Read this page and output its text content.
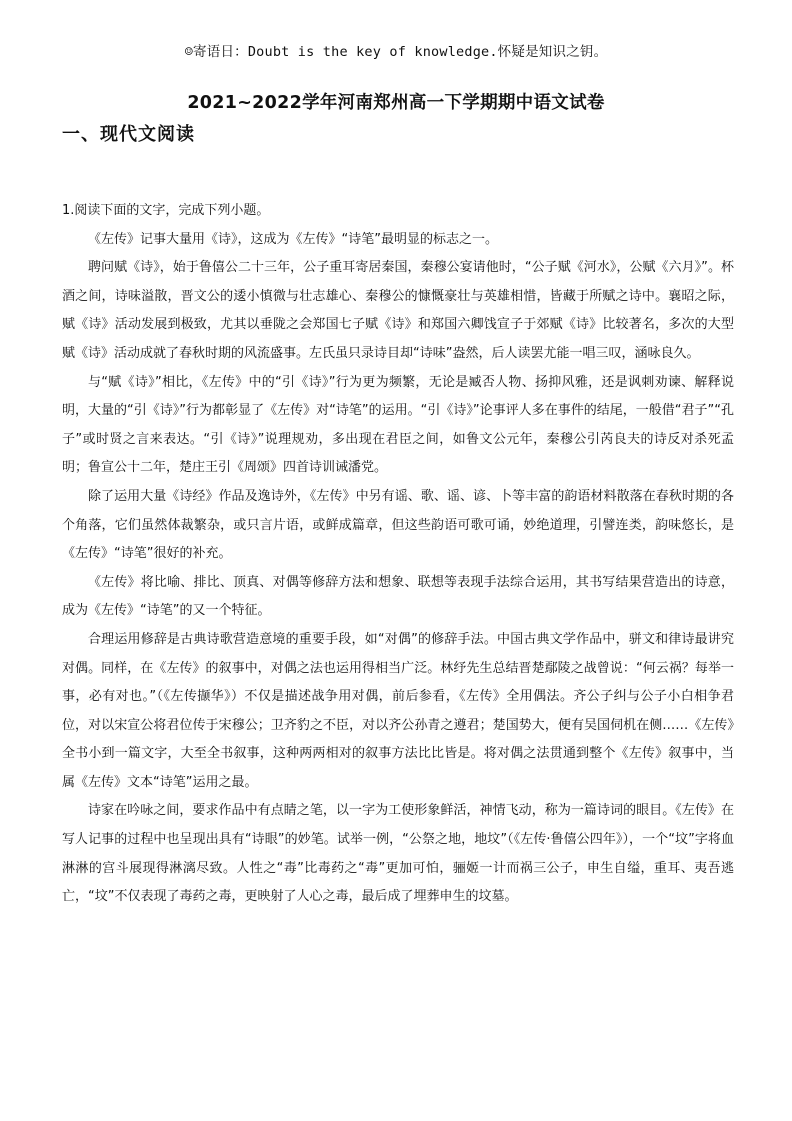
☺寄语日：Doubt is the key of knowledge.怀疑是知识之钥。
2021~2022学年河南郑州高一下学期期中语文试卷
一、现代文阅读

1.阅读下面的文字，完成下列小题。

《左传》记事大量用《诗》，这成为《左传》“诗笔”最明显的标志之一。

聘问赋《诗》，始于鲁僖公二十三年，公子重耳寄居秦国，秦穆公宴请他时，“公子赋《河水》，公赋《六月》”。杯酒之间，诗味溢散，晋文公的逶小慎微与壮志雄心、秦穆公的慷慨豪壮与英雄相惜，皆藏于所赋之诗中。襄昭之际，赋《诗》活动发展到极致，尤其以垂陇之会郑国七子赋《诗》和郑国六卿饯宣子于郊赋《诗》比较著名，多次的大型赋《诗》活动成就了春秋时期的风流盛事。左氏虽只录诗目却“诗味”盎然，后人读罢尤能一唱三叹，涵咏良久。

与“赋《诗》”相比，《左传》中的“引《诗》”行为更为频繁，无论是臧否人物、扬抑风雅，还是讽刺劝谏、解释说明，大量的“引《诗》”行为都彰显了《左传》对“诗笔”的运用。“引《诗》”论事评人多在事件的结尾，一般借“君子”“孔子”或时贤之言来表达。“引《诗》”说理规劝，多出现在君臣之间，如鲁文公元年，秦穆公引芮良夫的诗反对杀死孟明；鲁宣公十二年，楚庄王引《周颂》四首诗训诫潘党。

除了运用大量《诗经》作品及逸诗外，《左传》中另有谣、歌、谣、谚、卜等丰富的韵语材料散落在春秋时期的各个角落，它们虽然体裁繁杂，或只言片语，或鲜成篇章，但这些韵语可歌可诵，妙绝道理，引譬连类，韵味悠长，是《左传》“诗笔”很好的补充。

《左传》将比喻、排比、顶真、对偶等修辞方法和想象、联想等表现手法综合运用，其书写结果营造出的诗意，成为《左传》“诗笔”的又一个特征。

合理运用修辞是古典诗歌营造意境的重要手段，如“对偶”的修辞手法。中国古典文学作品中，骈文和律诗最讲究对偶。同样，在《左传》的叙事中，对偶之法也运用得相当广泛。林纾先生总结晋楚鄢陵之战曾说：“何云祸？每举一事，必有对也。”（《左传撷华》）不仅是描述战争用对偶，前后参看，《左传》全用偶法。齐公子纠与公子小白相争君位，对以宋宣公将君位传于宋穆公；卫齐豹之不臣，对以齐公孙青之遵君；楚国势大，便有吴国伺机在侧……《左传》全书小到一篇文字，大至全书叙事，这种两两相对的叙事方法比比皆是。将对偶之法贯通到整个《左传》叙事中，当属《左传》文本“诗笔”运用之最。

诗家在吟咏之间，要求作品中有点睛之笔，以一字为工使形象鲜活，神情飞动，称为一篇诗词的眼目。《左传》在写人记事的过程中也呈现出具有“诗眼”的妙笔。试举一例，“公祭之地，地坟”（《左传·鲁僖公四年》），一个“坟”字将血淋淋的宫斗展现得淋漓尽致。人性之“毒”比毒药之“毒”更加可怕，骊姬一计而祸三公子，申生自缢，重耳、夷吾逃亡，“坟”不仅表现了毒药之毒，更映射了人心之毒，最后成了埋葬申生的坟墓。
